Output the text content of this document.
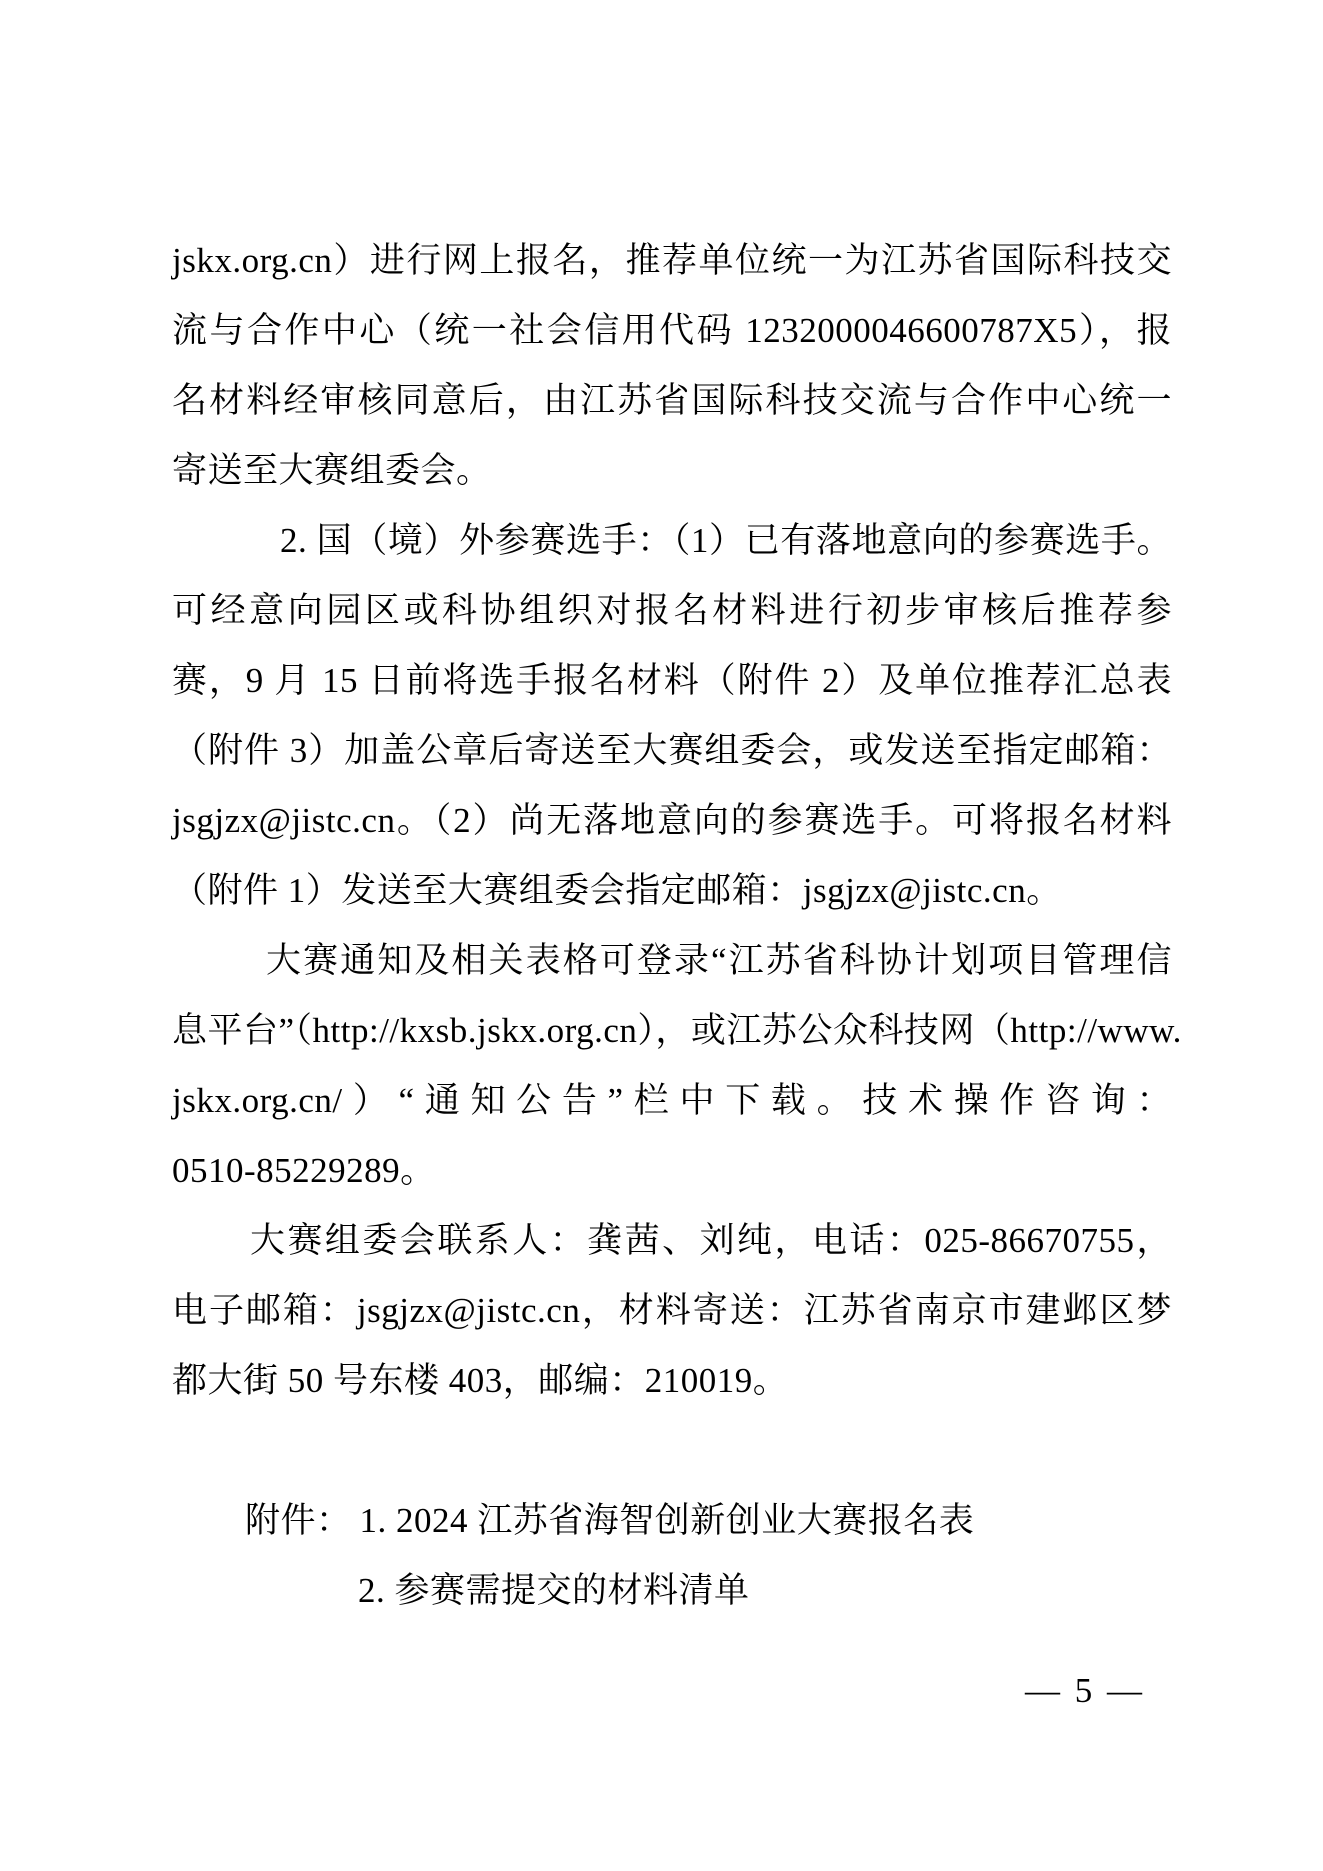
jskx.org.cn）进行网上报名，推荐单位统一为江苏省国际科技交

流与合作中心（统一社会信用代码 1232000046600787X5），报

名材料经审核同意后，由江苏省国际科技交流与合作中心统一

寄送至大赛组委会。

2. 国（境）外参赛选手：（1）已有落地意向的参赛选手。

可经意向园区或科协组织对报名材料进行初步审核后推荐参

赛，9 月 15 日前将选手报名材料（附件 2）及单位推荐汇总表

（附件 3）加盖公章后寄送至大赛组委会，或发送至指定邮箱：

jsgjzx@jistc.cn。（2）尚无落地意向的参赛选手。可将报名材料

（附件 1）发送至大赛组委会指定邮箱：jsgjzx@jistc.cn。

大赛通知及相关表格可登录“江苏省科协计划项目管理信

息平台”（http://kxsb.jskx.org.cn），或江苏公众科技网（http://www.

jskx.org.cn/）“通知公告”栏中下载。技术操作咨询：

0510-85229289。

大赛组委会联系人：龚茜、刘纯，电话：025-86670755，

电子邮箱：jsgjzx@jistc.cn，材料寄送：江苏省南京市建邺区梦

都大街 50 号东楼 403，邮编：210019。

附件： 1. 2024 江苏省海智创新创业大赛报名表

2. 参赛需提交的材料清单

— 5 —
